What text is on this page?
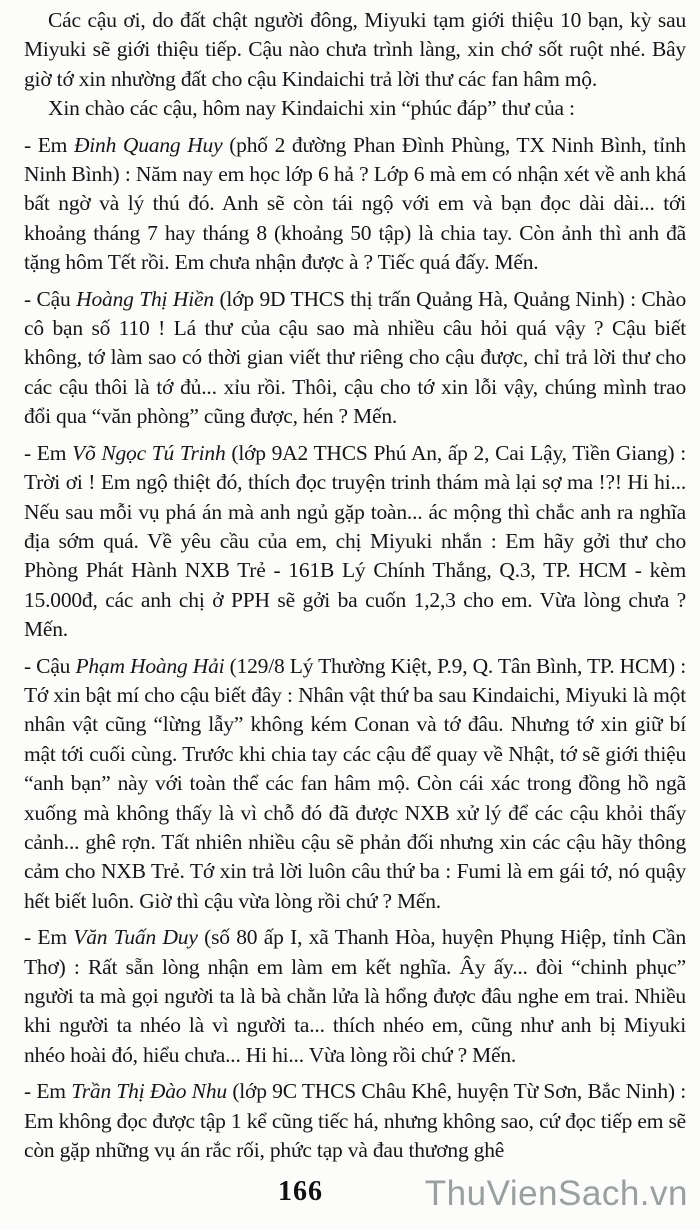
Các cậu ơi, do đất chật người đông, Miyuki tạm giới thiệu 10 bạn, kỳ sau Miyuki sẽ giới thiệu tiếp. Cậu nào chưa trình làng, xin chớ sốt ruột nhé. Bây giờ tớ xin nhường đất cho cậu Kindaichi trả lời thư các fan hâm mộ.

Xin chào các cậu, hôm nay Kindaichi xin “phúc đáp” thư của :

- Em Đinh Quang Huy (phố 2 đường Phan Đình Phùng, TX Ninh Bình, tỉnh Ninh Bình) : Năm nay em học lớp 6 hả ? Lớp 6 mà em có nhận xét về anh khá bất ngờ và lý thú đó. Anh sẽ còn tái ngộ với em và bạn đọc dài dài... tới khoảng tháng 7 hay tháng 8 (khoảng 50 tập) là chia tay. Còn ảnh thì anh đã tặng hôm Tết rồi. Em chưa nhận được à ? Tiếc quá đấy. Mến.

- Cậu Hoàng Thị Hiền (lớp 9D THCS thị trấn Quảng Hà, Quảng Ninh) : Chào cô bạn số 110 ! Lá thư của cậu sao mà nhiều câu hỏi quá vậy ? Cậu biết không, tớ làm sao có thời gian viết thư riêng cho cậu được, chỉ trả lời thư cho các cậu thôi là tớ đủ... xỉu rồi. Thôi, cậu cho tớ xin lỗi vậy, chúng mình trao đổi qua “văn phòng” cũng được, hén ? Mến.

- Em Võ Ngọc Tú Trinh (lớp 9A2 THCS Phú An, ấp 2, Cai Lậy, Tiền Giang) : Trời ơi ! Em ngộ thiệt đó, thích đọc truyện trinh thám mà lại sợ ma !?! Hi hi... Nếu sau mỗi vụ phá án mà anh ngủ gặp toàn... ác mộng thì chắc anh ra nghĩa địa sớm quá. Về yêu cầu của em, chị Miyuki nhắn : Em hãy gởi thư cho Phòng Phát Hành NXB Trẻ - 161B Lý Chính Thắng, Q.3, TP. HCM - kèm 15.000đ, các anh chị ở PPH sẽ gởi ba cuốn 1,2,3 cho em. Vừa lòng chưa ? Mến.

- Cậu Phạm Hoàng Hải (129/8 Lý Thường Kiệt, P.9, Q. Tân Bình, TP. HCM) : Tớ xin bật mí cho cậu biết đây : Nhân vật thứ ba sau Kindaichi, Miyuki là một nhân vật cũng “lừng lẫy” không kém Conan và tớ đâu. Nhưng tớ xin giữ bí mật tới cuối cùng. Trước khi chia tay các cậu để quay về Nhật, tớ sẽ giới thiệu “anh bạn” này với toàn thể các fan hâm mộ. Còn cái xác trong đồng hồ ngã xuống mà không thấy là vì chỗ đó đã được NXB xử lý để các cậu khỏi thấy cảnh... ghê rợn. Tất nhiên nhiều cậu sẽ phản đối nhưng xin các cậu hãy thông cảm cho NXB Trẻ. Tớ xin trả lời luôn câu thứ ba : Fumi là em gái tớ, nó quậy hết biết luôn. Giờ thì cậu vừa lòng rồi chứ ? Mến.

- Em Văn Tuấn Duy (số 80 ấp I, xã Thanh Hòa, huyện Phụng Hiệp, tỉnh Cần Thơ) : Rất sẵn lòng nhận em làm em kết nghĩa. Ây ấy... đòi “chinh phục” người ta mà gọi người ta là bà chằn lửa là hổng được đâu nghe em trai. Nhiều khi người ta nhéo là vì người ta... thích nhéo em, cũng như anh bị Miyuki nhéo hoài đó, hiểu chưa... Hi hi... Vừa lòng rồi chứ ? Mến.

- Em Trần Thị Đào Nhu (lớp 9C THCS Châu Khê, huyện Từ Sơn, Bắc Ninh) : Em không đọc được tập 1 kể cũng tiếc há, nhưng không sao, cứ đọc tiếp em sẽ còn gặp những vụ án rắc rối, phức tạp và đau thương ghê

166	ThuVienSach.vn
